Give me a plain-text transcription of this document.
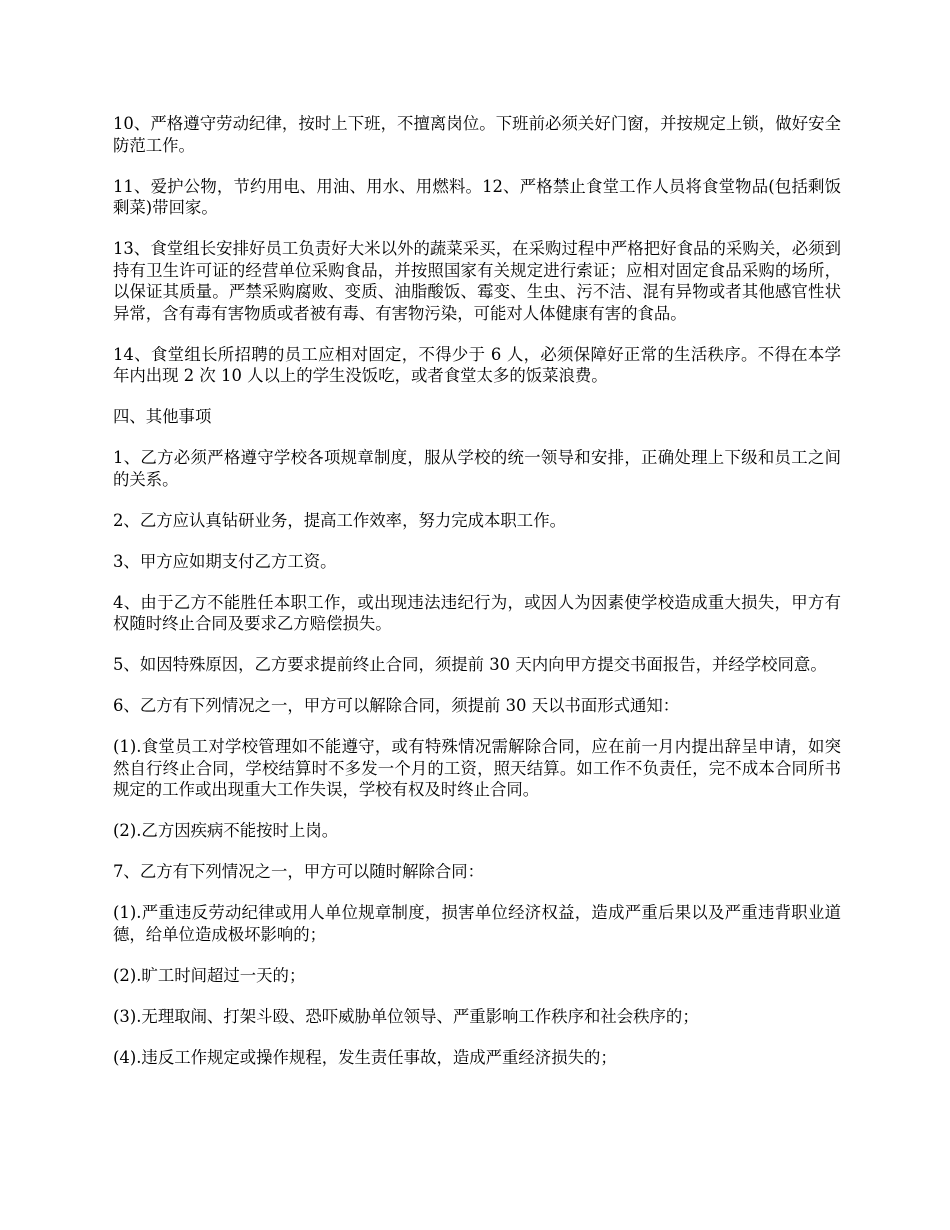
10、严格遵守劳动纪律，按时上下班，不擅离岗位。下班前必须关好门窗，并按规定上锁，做好安全防范工作。

11、爱护公物，节约用电、用油、用水、用燃料。12、严格禁止食堂工作人员将食堂物品(包括剩饭剩菜)带回家。

13、食堂组长安排好员工负责好大米以外的蔬菜采买，在采购过程中严格把好食品的采购关，必须到持有卫生许可证的经营单位采购食品，并按照国家有关规定进行索证；应相对固定食品采购的场所，以保证其质量。严禁采购腐败、变质、油脂酸饭、霉变、生虫、污不洁、混有异物或者其他感官性状异常，含有毒有害物质或者被有毒、有害物污染，可能对人体健康有害的食品。

14、食堂组长所招聘的员工应相对固定，不得少于 6 人，必须保障好正常的生活秩序。不得在本学年内出现 2 次 10 人以上的学生没饭吃，或者食堂太多的饭菜浪费。

四、其他事项

1、乙方必须严格遵守学校各项规章制度，服从学校的统一领导和安排，正确处理上下级和员工之间的关系。

2、乙方应认真钻研业务，提高工作效率，努力完成本职工作。

3、甲方应如期支付乙方工资。

4、由于乙方不能胜任本职工作，或出现违法违纪行为，或因人为因素使学校造成重大损失，甲方有权随时终止合同及要求乙方赔偿损失。

5、如因特殊原因，乙方要求提前终止合同，须提前 30 天内向甲方提交书面报告，并经学校同意。

6、乙方有下列情况之一，甲方可以解除合同，须提前 30 天以书面形式通知：

(1).食堂员工对学校管理如不能遵守，或有特殊情况需解除合同，应在前一月内提出辞呈申请，如突然自行终止合同，学校结算时不多发一个月的工资，照天结算。如工作不负责任，完不成本合同所书规定的工作或出现重大工作失误，学校有权及时终止合同。

(2).乙方因疾病不能按时上岗。

7、乙方有下列情况之一，甲方可以随时解除合同：

(1).严重违反劳动纪律或用人单位规章制度，损害单位经济权益，造成严重后果以及严重违背职业道德，给单位造成极坏影响的；

(2).旷工时间超过一天的；

(3).无理取闹、打架斗殴、恐吓威胁单位领导、严重影响工作秩序和社会秩序的；

(4).违反工作规定或操作规程，发生责任事故，造成严重经济损失的；
